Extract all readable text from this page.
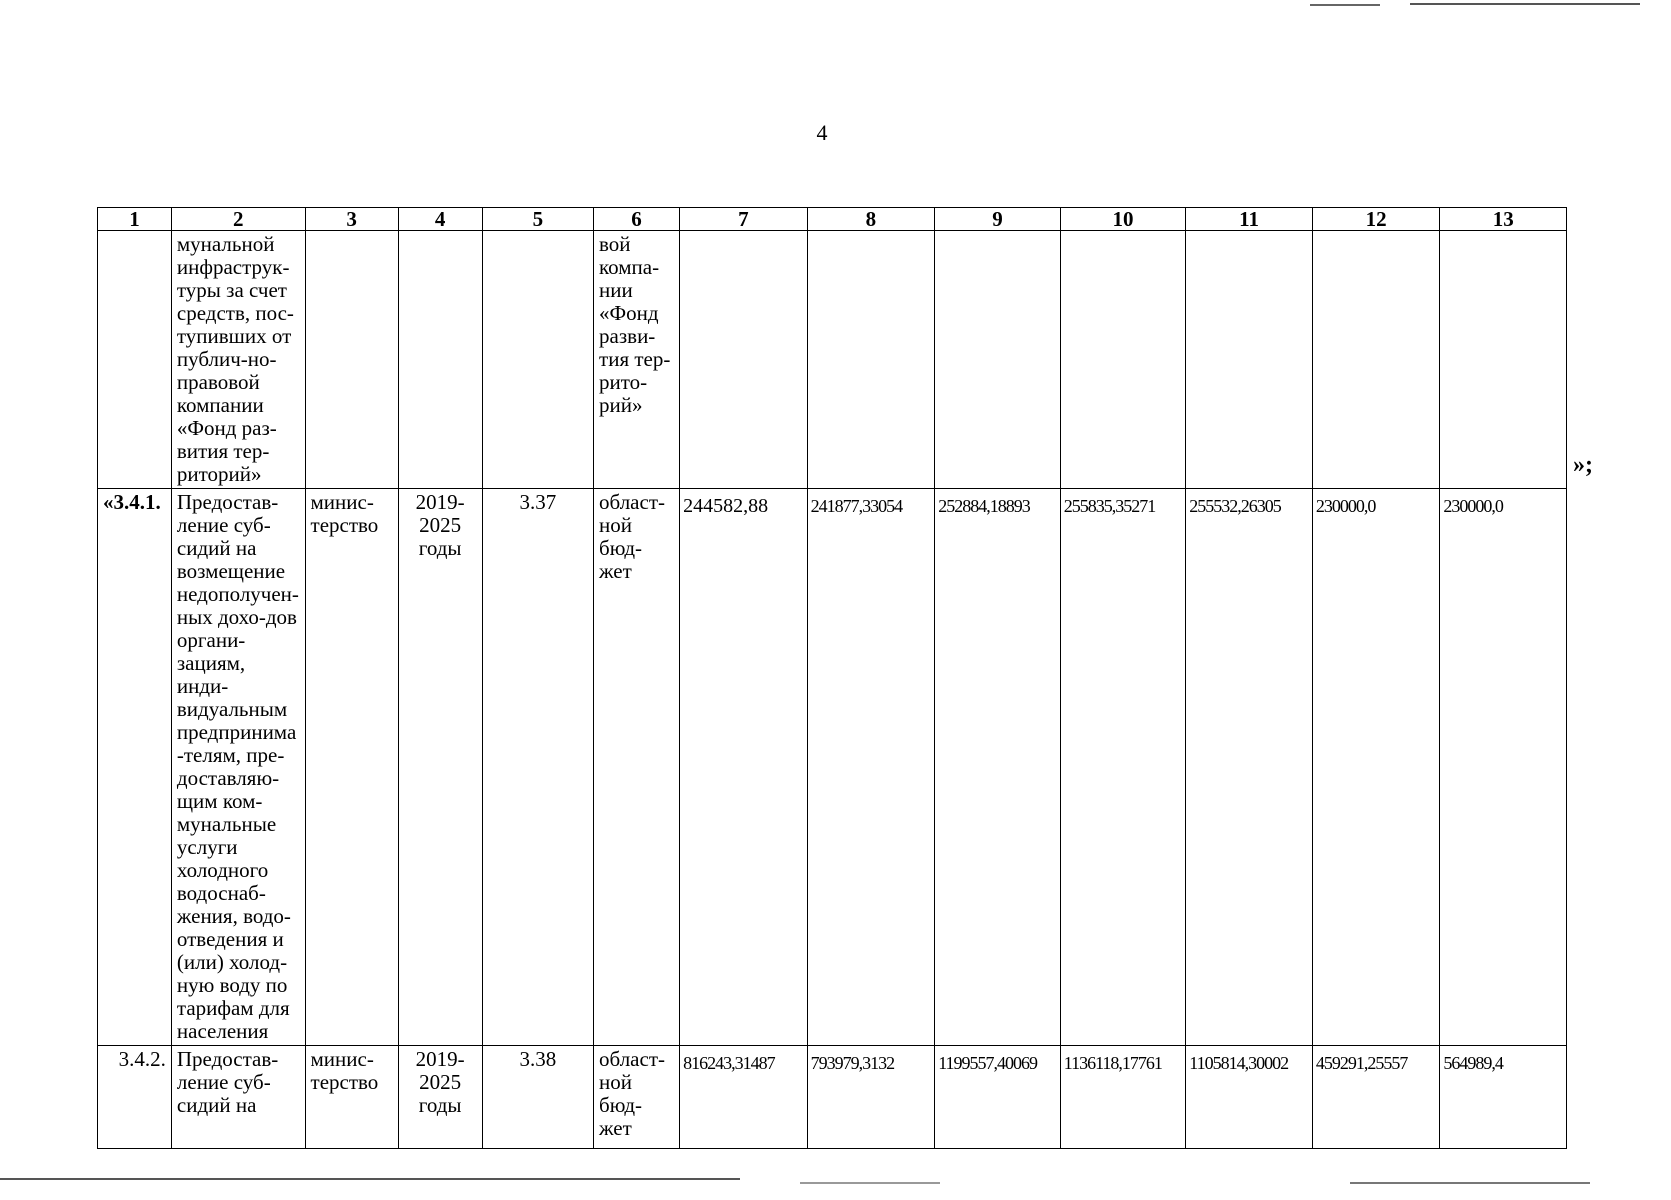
4
1	2	3	4	5	6	7	8	9	10	11	12	13
	мунальной инфраструк-туры за счет средств, пос-тупивших от публич-но-правовой компании «Фонд раз-вития тер-риторий»				вой компа-нии «Фонд разви-тия тер-рито-рий»							
«3.4.1.	Предостав-ление суб-сидий на возмещение недополучен-ных дохо-дов органи-зациям, инди-видуальным предпринима-телям, пре-доставляю-щим ком-мунальные услуги холодного водоснаб-жения, водо-отведения и (или) холод-ную воду по тарифам для населения	минис-терство	2019-2025 годы	3.37	област-ной бюд-жет	244582,88	241877,33054	252884,18893	255835,35271	255532,26305	230000,0	230000,0
3.4.2.	Предостав-ление суб-сидий на	минис-терство	2019-2025 годы	3.38	област-ной бюд-жет	816243,31487	793979,3132	1199557,40069	1136118,17761	1105814,30002	459291,25557	564989,4
»;
